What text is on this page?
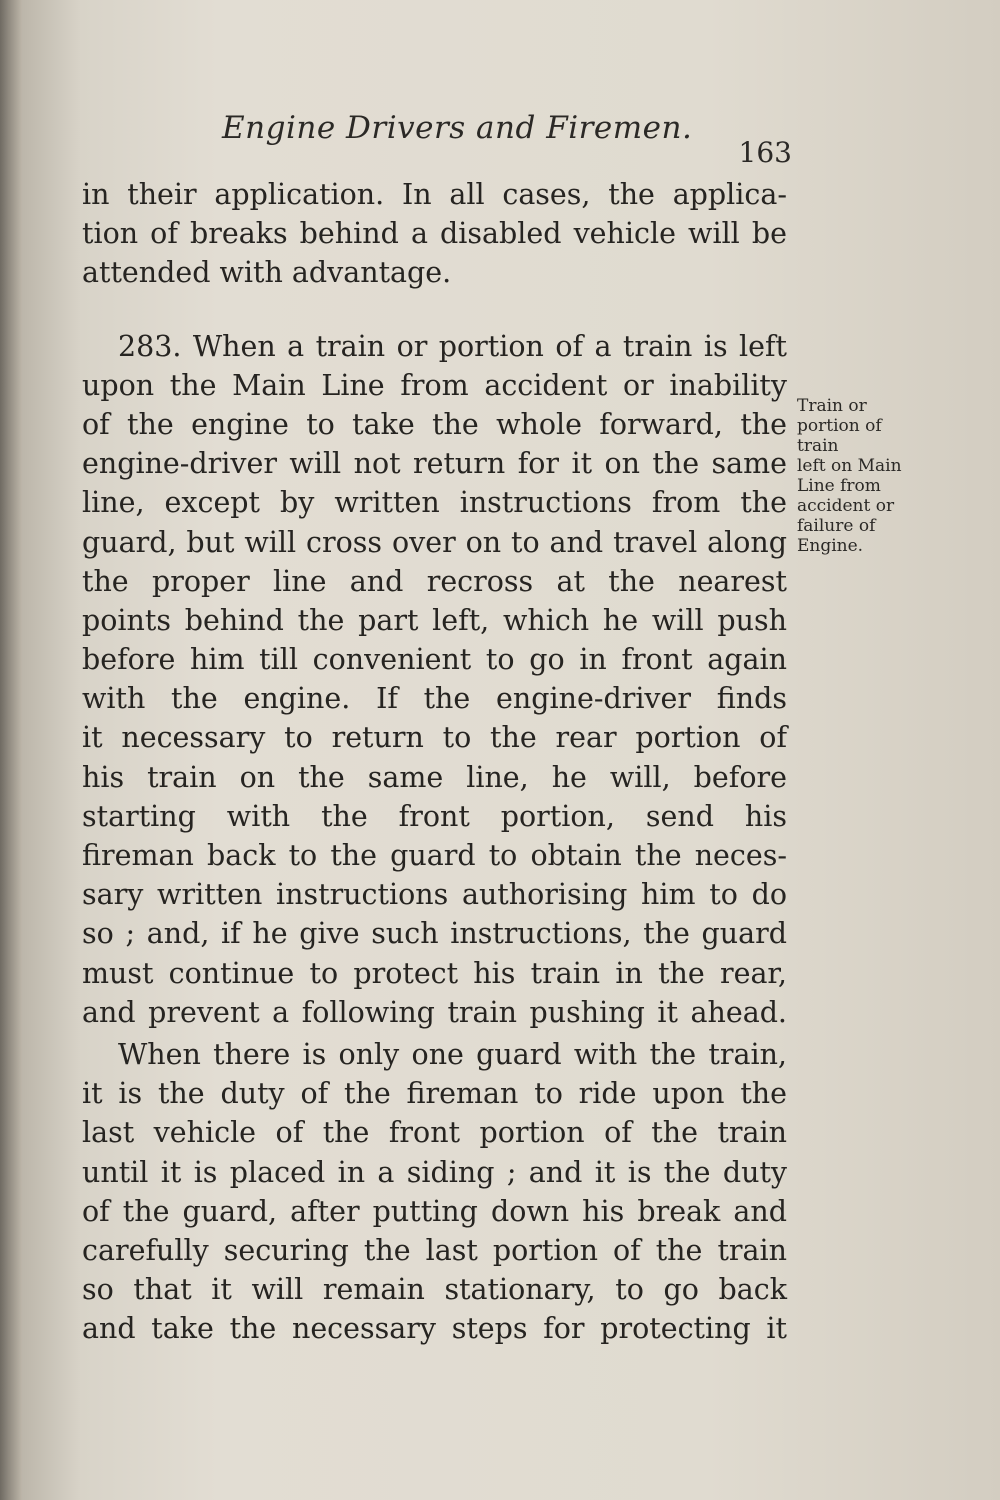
Engine Drivers and Firemen.
163
in their application. In all cases, the applica-
tion of breaks behind a disabled vehicle will be
attended with advantage.
283. When a train or portion of a train is left
upon the Main Line from accident or inability
of the engine to take the whole forward, the
engine-driver will not return for it on the same
line, except by written instructions from the
guard, but will cross over on to and travel along
the proper line and recross at the nearest
points behind the part left, which he will push
before him till convenient to go in front again
with the engine. If the engine-driver finds
it necessary to return to the rear portion of
his train on the same line, he will, before
starting with the front portion, send his
fireman back to the guard to obtain the neces-
sary written instructions authorising him to do
so ; and, if he give such instructions, the guard
must continue to protect his train in the rear,
and prevent a following train pushing it ahead.
When there is only one guard with the train,
it is the duty of the fireman to ride upon the
last vehicle of the front portion of the train
until it is placed in a siding ; and it is the duty
of the guard, after putting down his break and
carefully securing the last portion of the train
so that it will remain stationary, to go back
and take the necessary steps for protecting it
Train or
portion of
train
left on Main
Line from
accident or
failure of
Engine.
